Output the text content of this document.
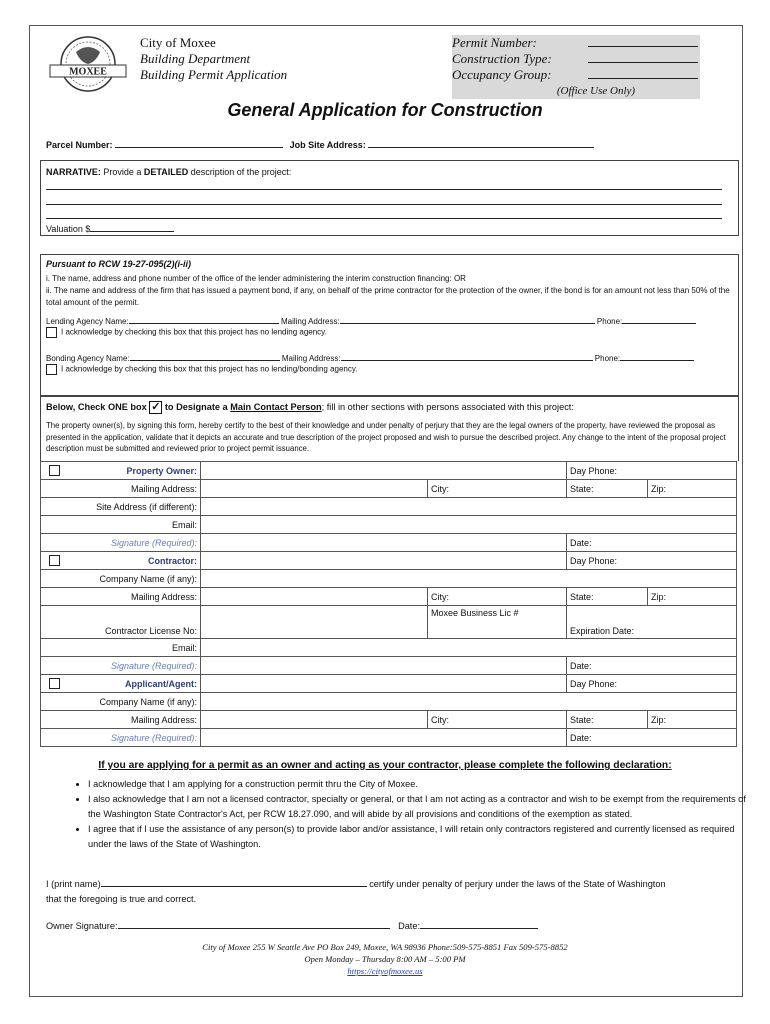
MOXEE
City of Moxee
Building Department
Building Permit Application
Permit Number:
Construction Type:
Occupancy Group:
(Office Use Only)
General Application for Construction
Parcel Number:	Job Site Address:
NARRATIVE: Provide a DETAILED description of the project:
Valuation $
Pursuant to RCW 19-27-095(2)(i-ii)
i. The name, address and phone number of the office of the lender administering the interim construction financing: OR
ii. The name and address of the firm that has issued a payment bond, if any, on behalf of the prime contractor for the protection of the owner, if the bond is for an amount not less than 50% of the total amount of the permit.
Lending Agency Name:	Mailing Address:	Phone:
I acknowledge by checking this box that this project has no lending agency.
Bonding Agency Name:	Mailing Address:	Phone:
I acknowledge by checking this box that this project has no lending/bonding agency.
Below, Check ONE box ✓ to Designate a Main Contact Person; fill in other sections with persons associated with this project:
The property owner(s), by signing this form, hereby certify to the best of their knowledge and under penalty of perjury that they are the legal owners of the property, have reviewed the proposal as presented in the application, validate that it depicts an accurate and true description of the project proposed and wish to pursue the described project. Any change to the intent of the proposal project description must be submitted and reviewed prior to project permit issuance.
Property Owner:			Day Phone:	
Mailing Address:		City:	State:	Zip:
Site Address (if different):				
Email:				
Signature (Required):			Date:	

Contractor:			Day Phone:	
Company Name (if any):				
Mailing Address:		City:	State:	Zip:
Contractor License No:		Moxee Business Lic #	Expiration Date:	
Email:				
Signature (Required):			Date:	

Applicant/Agent:			Day Phone:	
Company Name (if any):				
Mailing Address:		City:	State:	Zip:
Signature (Required):			Date:	
If you are applying for a permit as an owner and acting as your contractor, please complete the following declaration:
• I acknowledge that I am applying for a construction permit thru the City of Moxee.
• I also acknowledge that I am not a licensed contractor, specialty or general, or that I am not acting as a contractor and wish to be exempt from the requirements of the Washington State Contractor's Act, per RCW 18.27.090, and will abide by all provisions and conditions of the exemption as stated.
• I agree that if I use the assistance of any person(s) to provide labor and/or assistance, I will retain only contractors registered and currently licensed as required under the laws of the State of Washington.
I (print name)	certify under penalty of perjury under the laws of the State of Washington
that the foregoing is true and correct.
Owner Signature:	Date:
City of Moxee 255 W Seattle Ave PO Box 249, Moxee, WA 98936 Phone:509-575-8851 Fax 509-575-8852
Open Monday – Thursday 8:00 AM – 5:00 PM
https://cityofmoxee.us
